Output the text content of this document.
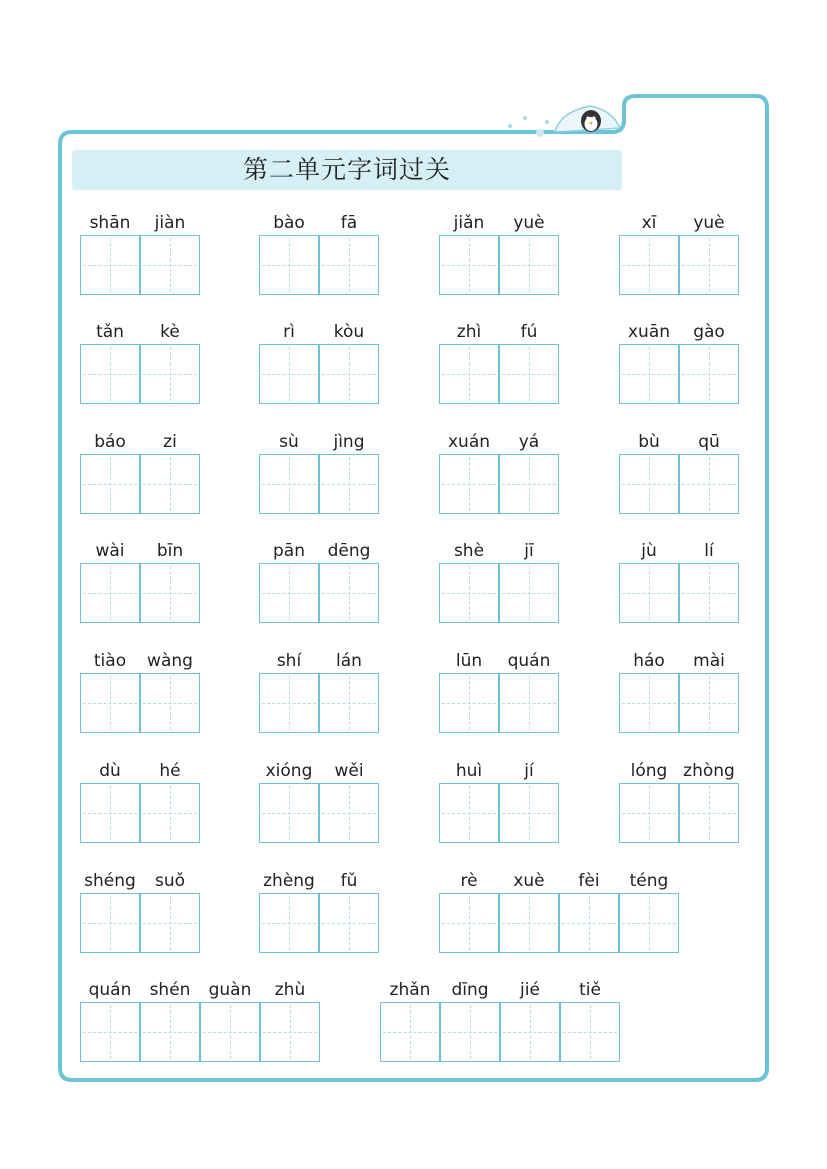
第二单元字词过关
shān	jiàn	bào	fā	jiǎn	yuè	xī	yuè
tǎn	kè	rì	kòu	zhì	fú	xuān	gào
báo	zi	sù	jìng	xuán	yá	bù	qū
wài	bīn	pān	dēng	shè	jī	jù	lí
tiào	wàng	shí	lán	lūn	quán	háo	mài
dù	hé	xióng	wěi	huì	jí	lóng zhòng
shéng	suǒ	zhèng	fǔ	rè	xuè	fèi	téng
quán	shén	guàn	zhù	zhǎn	dīng	jié	tiě
